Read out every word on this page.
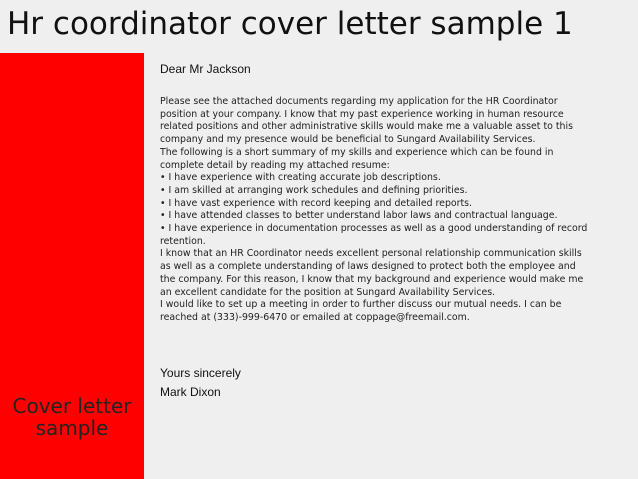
Hr coordinator cover letter sample 1
Cover letter
sample
Dear Mr Jackson
Please see the attached documents regarding my application for the HR Coordinator
position at your company. I know that my past experience working in human resource
related positions and other administrative skills would make me a valuable asset to this
company and my presence would be beneficial to Sungard Availability Services.
The following is a short summary of my skills and experience which can be found in
complete detail by reading my attached resume:
• I have experience with creating accurate job descriptions.
• I am skilled at arranging work schedules and defining priorities.
• I have vast experience with record keeping and detailed reports.
• I have attended classes to better understand labor laws and contractual language.
• I have experience in documentation processes as well as a good understanding of record
retention.
I know that an HR Coordinator needs excellent personal relationship communication skills
as well as a complete understanding of laws designed to protect both the employee and
the company. For this reason, I know that my background and experience would make me
an excellent candidate for the position at Sungard Availability Services.
I would like to set up a meeting in order to further discuss our mutual needs. I can be
reached at (333)-999-6470 or emailed at coppage@freemail.com.
Yours sincerely
Mark Dixon
